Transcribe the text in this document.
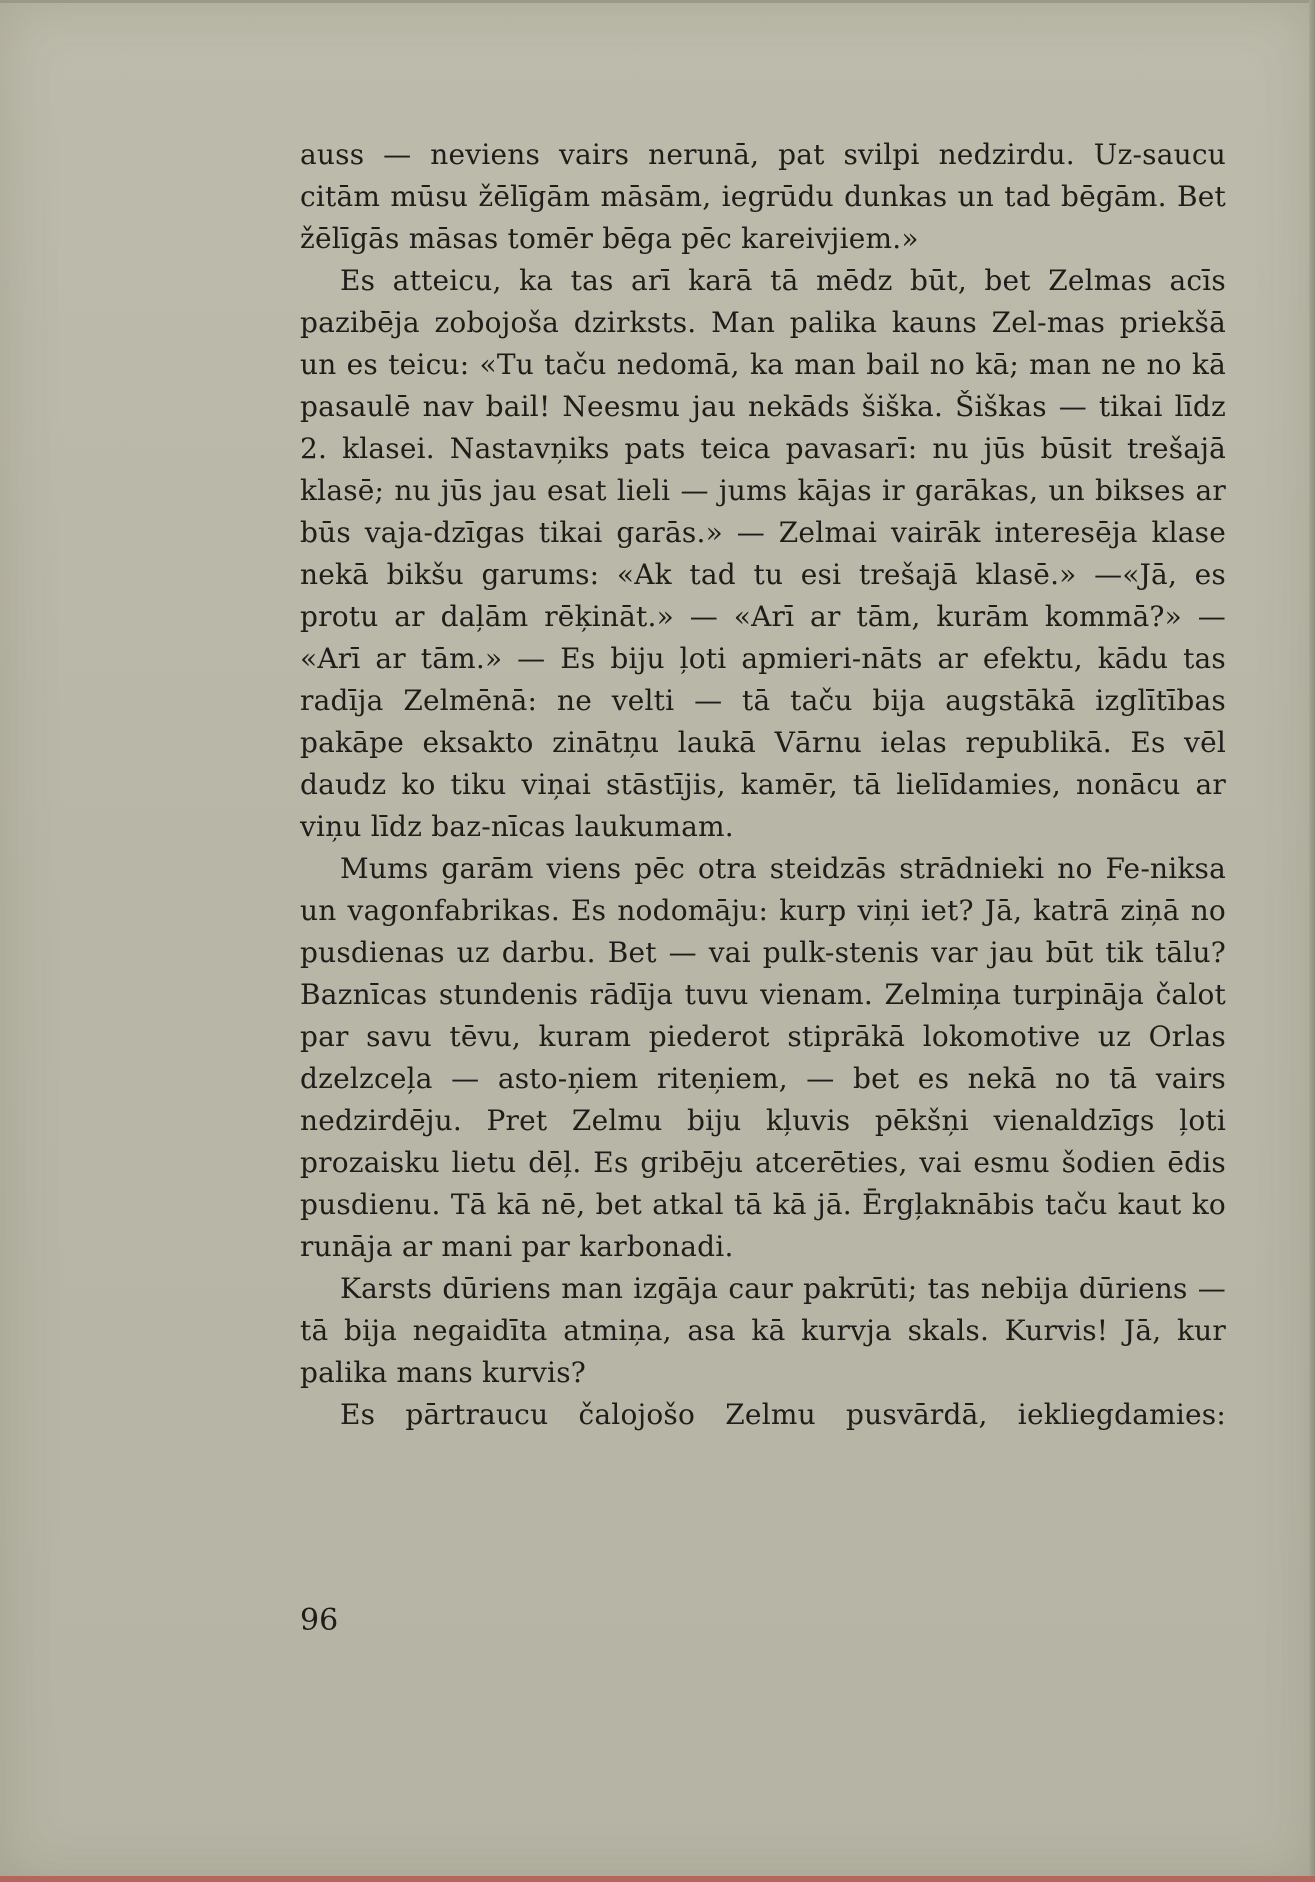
auss — neviens vairs nerunā, pat svilpi nedzirdu. Uz-saucu citām mūsu žēlīgām māsām, iegrūdu dunkas un tad bēgām. Bet žēlīgās māsas tomēr bēga pēc kareivjiem.»

Es atteicu, ka tas arī karā tā mēdz būt, bet Zelmas acīs pazibēja zobojoša dzirksts. Man palika kauns Zel-mas priekšā un es teicu: «Tu taču nedomā, ka man bail no kā; man ne no kā pasaulē nav bail! Neesmu jau nekāds šiška. Šiškas — tikai līdz 2. klasei. Nastavņiks pats teica pavasarī: nu jūs būsit trešajā klasē; nu jūs jau esat lieli — jums kājas ir garākas, un bikses ar būs vaja-dzīgas tikai garās.» — Zelmai vairāk interesēja klase nekā bikšu garums: «Ak tad tu esi trešajā klasē.» —«Jā, es protu ar daļām rēķināt.» — «Arī ar tām, kurām kommā?» — «Arī ar tām.» — Es biju ļoti apmieri-nāts ar efektu, kādu tas radīja Zelmēnā: ne velti — tā taču bija augstākā izglītības pakāpe eksakto zinātņu laukā Vārnu ielas republikā. Es vēl daudz ko tiku viņai stāstījis, kamēr, tā lielīdamies, nonācu ar viņu līdz baz-nīcas laukumam.

Mums garām viens pēc otra steidzās strādnieki no Fe-niksa un vagonfabrikas. Es nodomāju: kurp viņi iet? Jā, katrā ziņā no pusdienas uz darbu. Bet — vai pulk-stenis var jau būt tik tālu? Baznīcas stundenis rādīja tuvu vienam. Zelmiņa turpināja čalot par savu tēvu, kuram piederot stiprākā lokomotive uz Orlas dzelzceļa — asto-ņiem riteņiem, — bet es nekā no tā vairs nedzirdēju. Pret Zelmu biju kļuvis pēkšņi vienaldzīgs ļoti prozaisku lietu dēļ. Es gribēju atcerēties, vai esmu šodien ēdis pusdienu. Tā kā nē, bet atkal tā kā jā. Ērgļaknābis taču kaut ko runāja ar mani par karbonadi.

Karsts dūriens man izgāja caur pakrūti; tas nebija dūriens — tā bija negaidīta atmiņa, asa kā kurvja skals. Kurvis! Jā, kur palika mans kurvis?

Es pārtraucu čalojošo Zelmu pusvārdā, iekliegdamies:

96
